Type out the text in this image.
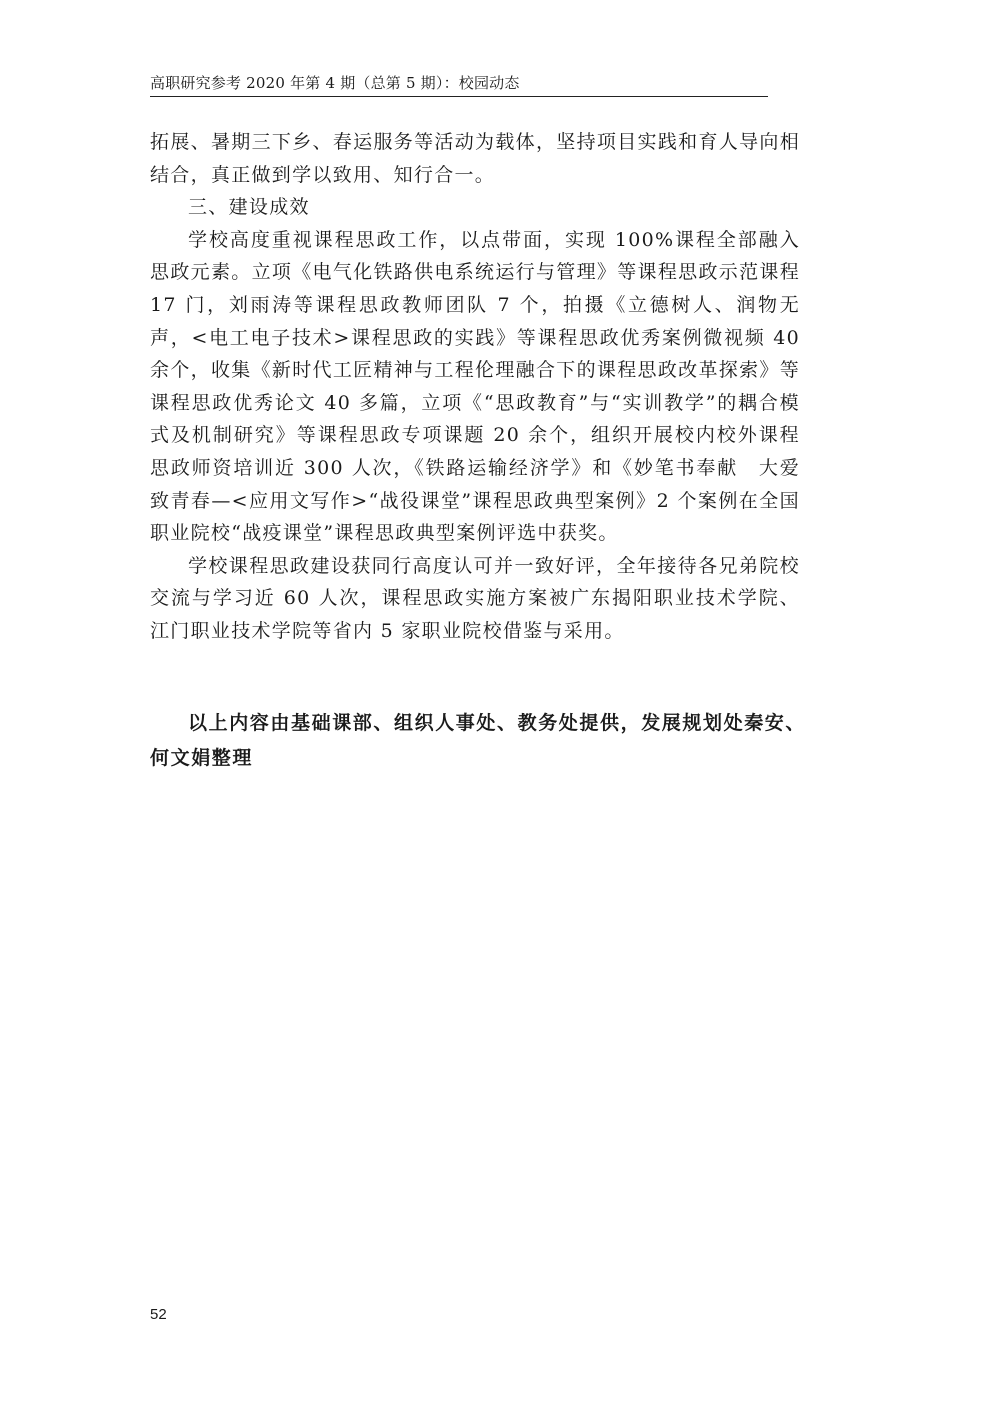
高职研究参考 2020 年第 4 期（总第 5 期）：校园动态

拓展、暑期三下乡、春运服务等活动为载体，坚持项目实践和育人导向相结合，真正做到学以致用、知行合一。

三、建设成效

学校高度重视课程思政工作，以点带面，实现 100%课程全部融入思政元素。立项《电气化铁路供电系统运行与管理》等课程思政示范课程 17 门，刘雨涛等课程思政教师团队 7 个，拍摄《立德树人、润物无声，<电工电子技术>课程思政的实践》等课程思政优秀案例微视频 40 余个，收集《新时代工匠精神与工程伦理融合下的课程思政改革探索》等课程思政优秀论文 40 多篇，立项《“思政教育”与“实训教学”的耦合模式及机制研究》等课程思政专项课题 20 余个，组织开展校内校外课程思政师资培训近 300 人次，《铁路运输经济学》和《妙笔书奉献　大爱致青春—<应用文写作>“战役课堂”课程思政典型案例》2 个案例在全国职业院校“战疫课堂”课程思政典型案例评选中获奖。

学校课程思政建设获同行高度认可并一致好评，全年接待各兄弟院校交流与学习近 60 人次，课程思政实施方案被广东揭阳职业技术学院、江门职业技术学院等省内 5 家职业院校借鉴与采用。

以上内容由基础课部、组织人事处、教务处提供，发展规划处秦安、何文娟整理

52
